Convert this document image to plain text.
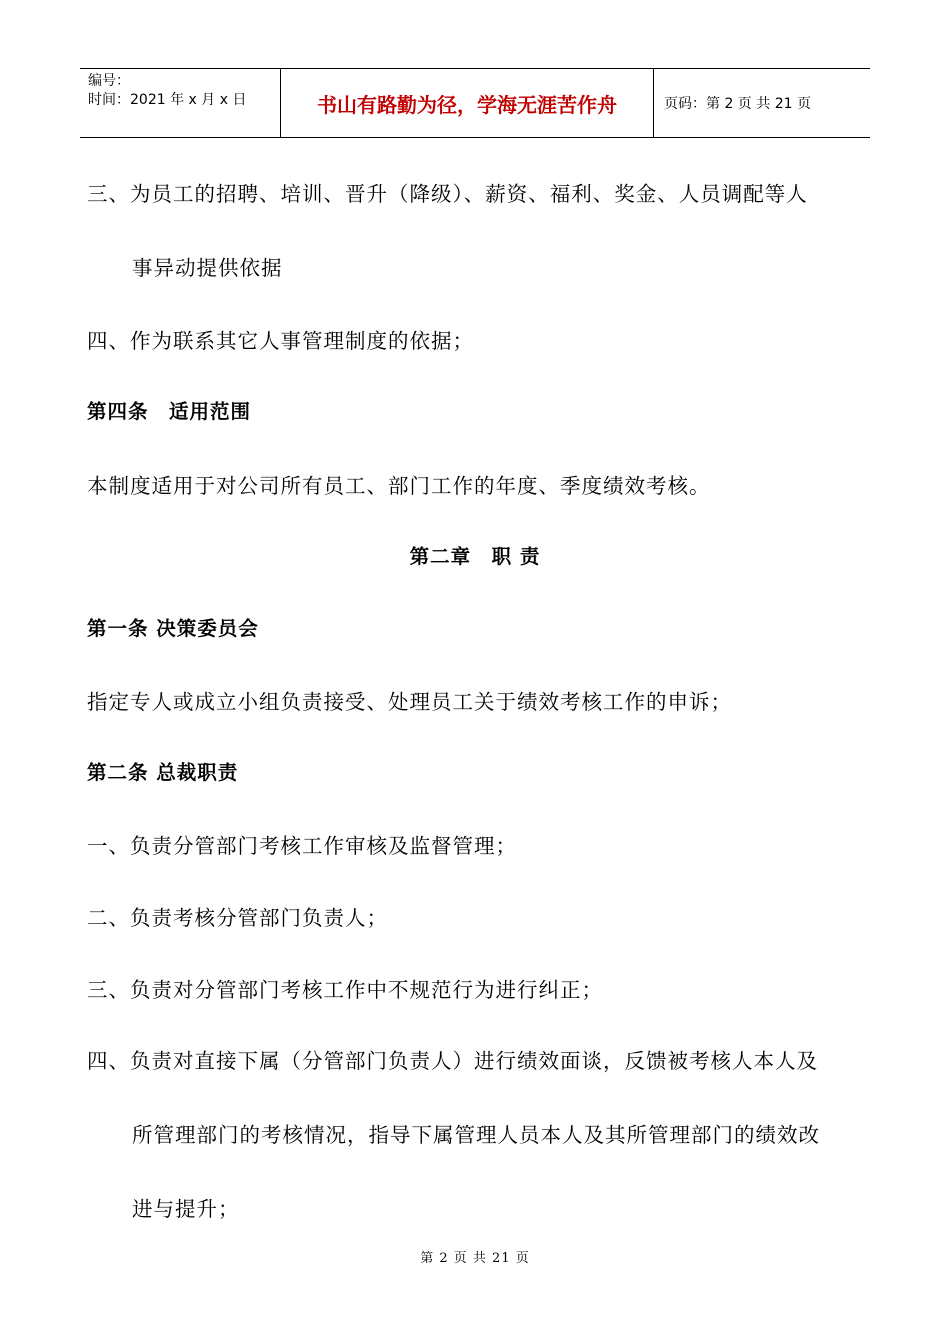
编号：
时间：2021 年 x 月 x 日	书山有路勤为径，学海无涯苦作舟	页码：第 2 页 共 21 页
三、为员工的招聘、培训、晋升（降级）、薪资、福利、奖金、人员调配等人
事异动提供依据
四、作为联系其它人事管理制度的依据；
第四条　适用范围
本制度适用于对公司所有员工、部门工作的年度、季度绩效考核。
第二章　职 责
第一条 决策委员会
指定专人或成立小组负责接受、处理员工关于绩效考核工作的申诉；
第二条 总裁职责
一、负责分管部门考核工作审核及监督管理；
二、负责考核分管部门负责人；
三、负责对分管部门考核工作中不规范行为进行纠正；
四、负责对直接下属（分管部门负责人）进行绩效面谈，反馈被考核人本人及
所管理部门的考核情况，指导下属管理人员本人及其所管理部门的绩效改
进与提升；
第 2 页 共 21 页
